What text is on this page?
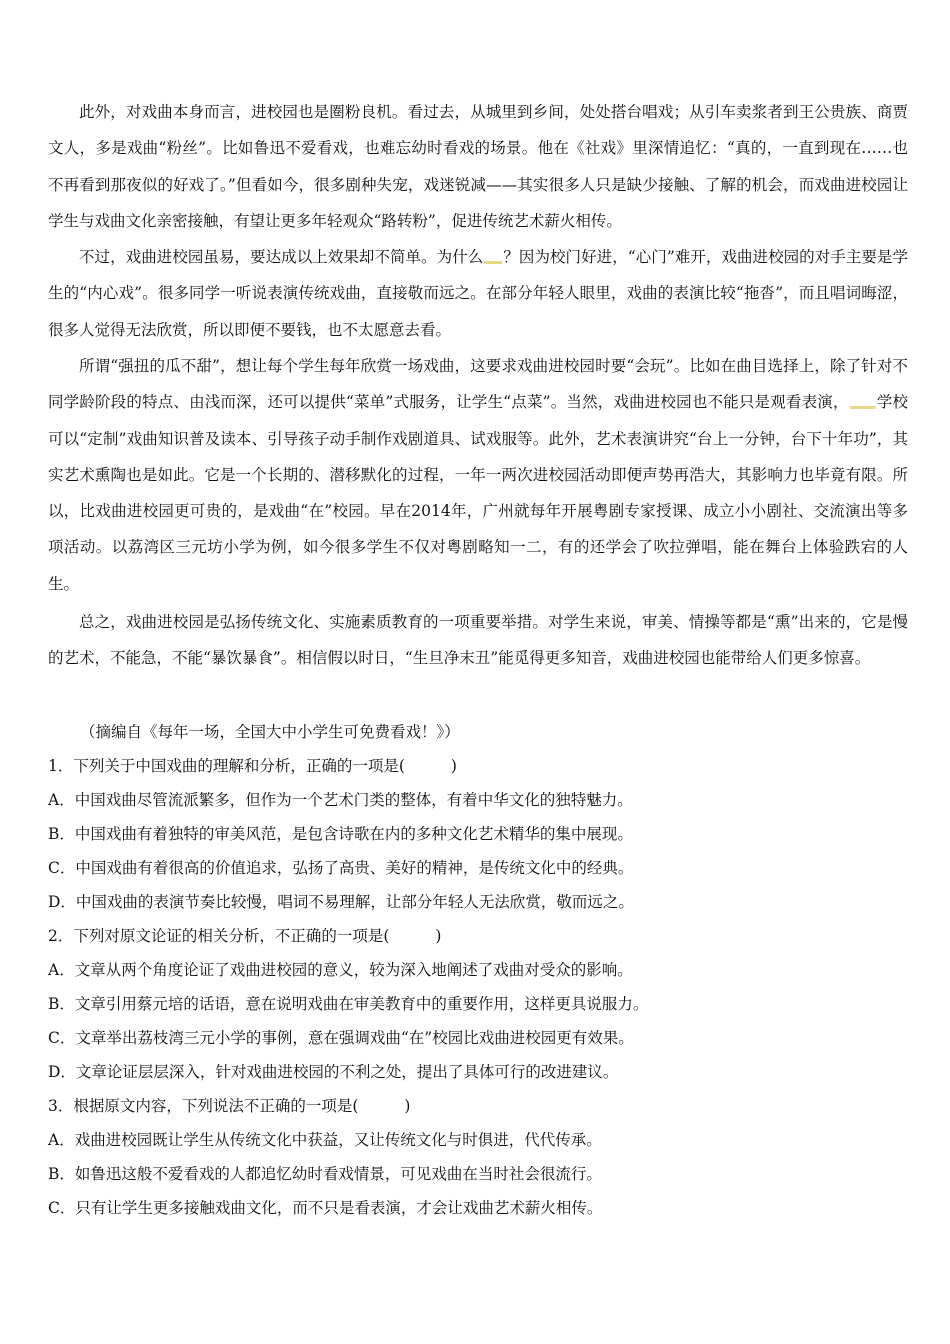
此外，对戏曲本身而言，进校园也是圈粉良机。看过去，从城里到乡间，处处搭台唱戏；从引车卖浆者到王公贵族、商贾文人，多是戏曲“粉丝”。比如鲁迅不爱看戏，也难忘幼时看戏的场景。他在《社戏》里深情追忆：“真的，一直到现在……也不再看到那夜似的好戏了。”但看如今，很多剧种失宠，戏迷锐减——其实很多人只是缺少接触、了解的机会，而戏曲进校园让学生与戏曲文化亲密接触，有望让更多年轻观众“路转粉”，促进传统艺术薪火相传。

不过，戏曲进校园虽易，要达成以上效果却不简单。为什么 ？因为校门好进，“心门”难开，戏曲进校园的对手主要是学生的“内心戏”。很多同学一听说表演传统戏曲，直接敬而远之。在部分年轻人眼里，戏曲的表演比较“拖沓”，而且唱词晦涩，很多人觉得无法欣赏，所以即便不要钱，也不太愿意去看。

所谓“强扭的瓜不甜”，想让每个学生每年欣赏一场戏曲，这要求戏曲进校园时要“会玩”。比如在曲目选择上，除了针对不同学龄阶段的特点、由浅而深，还可以提供“菜单”式服务，让学生“点菜”。当然，戏曲进校园也不能只是观看表演， 学校可以“定制”戏曲知识普及读本、引导孩子动手制作戏剧道具、试戏服等。此外，艺术表演讲究“台上一分钟，台下十年功”，其实艺术熏陶也是如此。它是一个长期的、潜移默化的过程，一年一两次进校园活动即便声势再浩大，其影响力也毕竟有限。所以，比戏曲进校园更可贵的，是戏曲“在”校园。早在2014年，广州就每年开展粤剧专家授课、成立小小剧社、交流演出等多项活动。以荔湾区三元坊小学为例，如今很多学生不仅对粤剧略知一二，有的还学会了吹拉弹唱，能在舞台上体验跌宕的人生。

总之，戏曲进校园是弘扬传统文化、实施素质教育的一项重要举措。对学生来说，审美、情操等都是“熏”出来的，它是慢的艺术，不能急，不能“暴饮暴食”。相信假以时日，“生旦净末丑”能觅得更多知音，戏曲进校园也能带给人们更多惊喜。

（摘编自《每年一场，全国大中小学生可免费看戏！》）

1．下列关于中国戏曲的理解和分析，正确的一项是(	)

A．中国戏曲尽管流派繁多，但作为一个艺术门类的整体，有着中华文化的独特魅力。

B．中国戏曲有着独特的审美风范，是包含诗歌在内的多种文化艺术精华的集中展现。

C．中国戏曲有着很高的价值追求，弘扬了高贵、美好的精神，是传统文化中的经典。

D．中国戏曲的表演节奏比较慢，唱词不易理解，让部分年轻人无法欣赏，敬而远之。

2．下列对原文论证的相关分析，不正确的一项是(	)

A．文章从两个角度论证了戏曲进校园的意义，较为深入地阐述了戏曲对受众的影响。

B．文章引用蔡元培的话语，意在说明戏曲在审美教育中的重要作用，这样更具说服力。

C．文章举出荔枝湾三元小学的事例，意在强调戏曲“在”校园比戏曲进校园更有效果。

D．文章论证层层深入，针对戏曲进校园的不利之处，提出了具体可行的改进建议。

3．根据原文内容，下列说法不正确的一项是(	)

A．戏曲进校园既让学生从传统文化中获益，又让传统文化与时俱进，代代传承。

B．如鲁迅这般不爱看戏的人都追忆幼时看戏情景，可见戏曲在当时社会很流行。

C．只有让学生更多接触戏曲文化，而不只是看表演，才会让戏曲艺术薪火相传。
